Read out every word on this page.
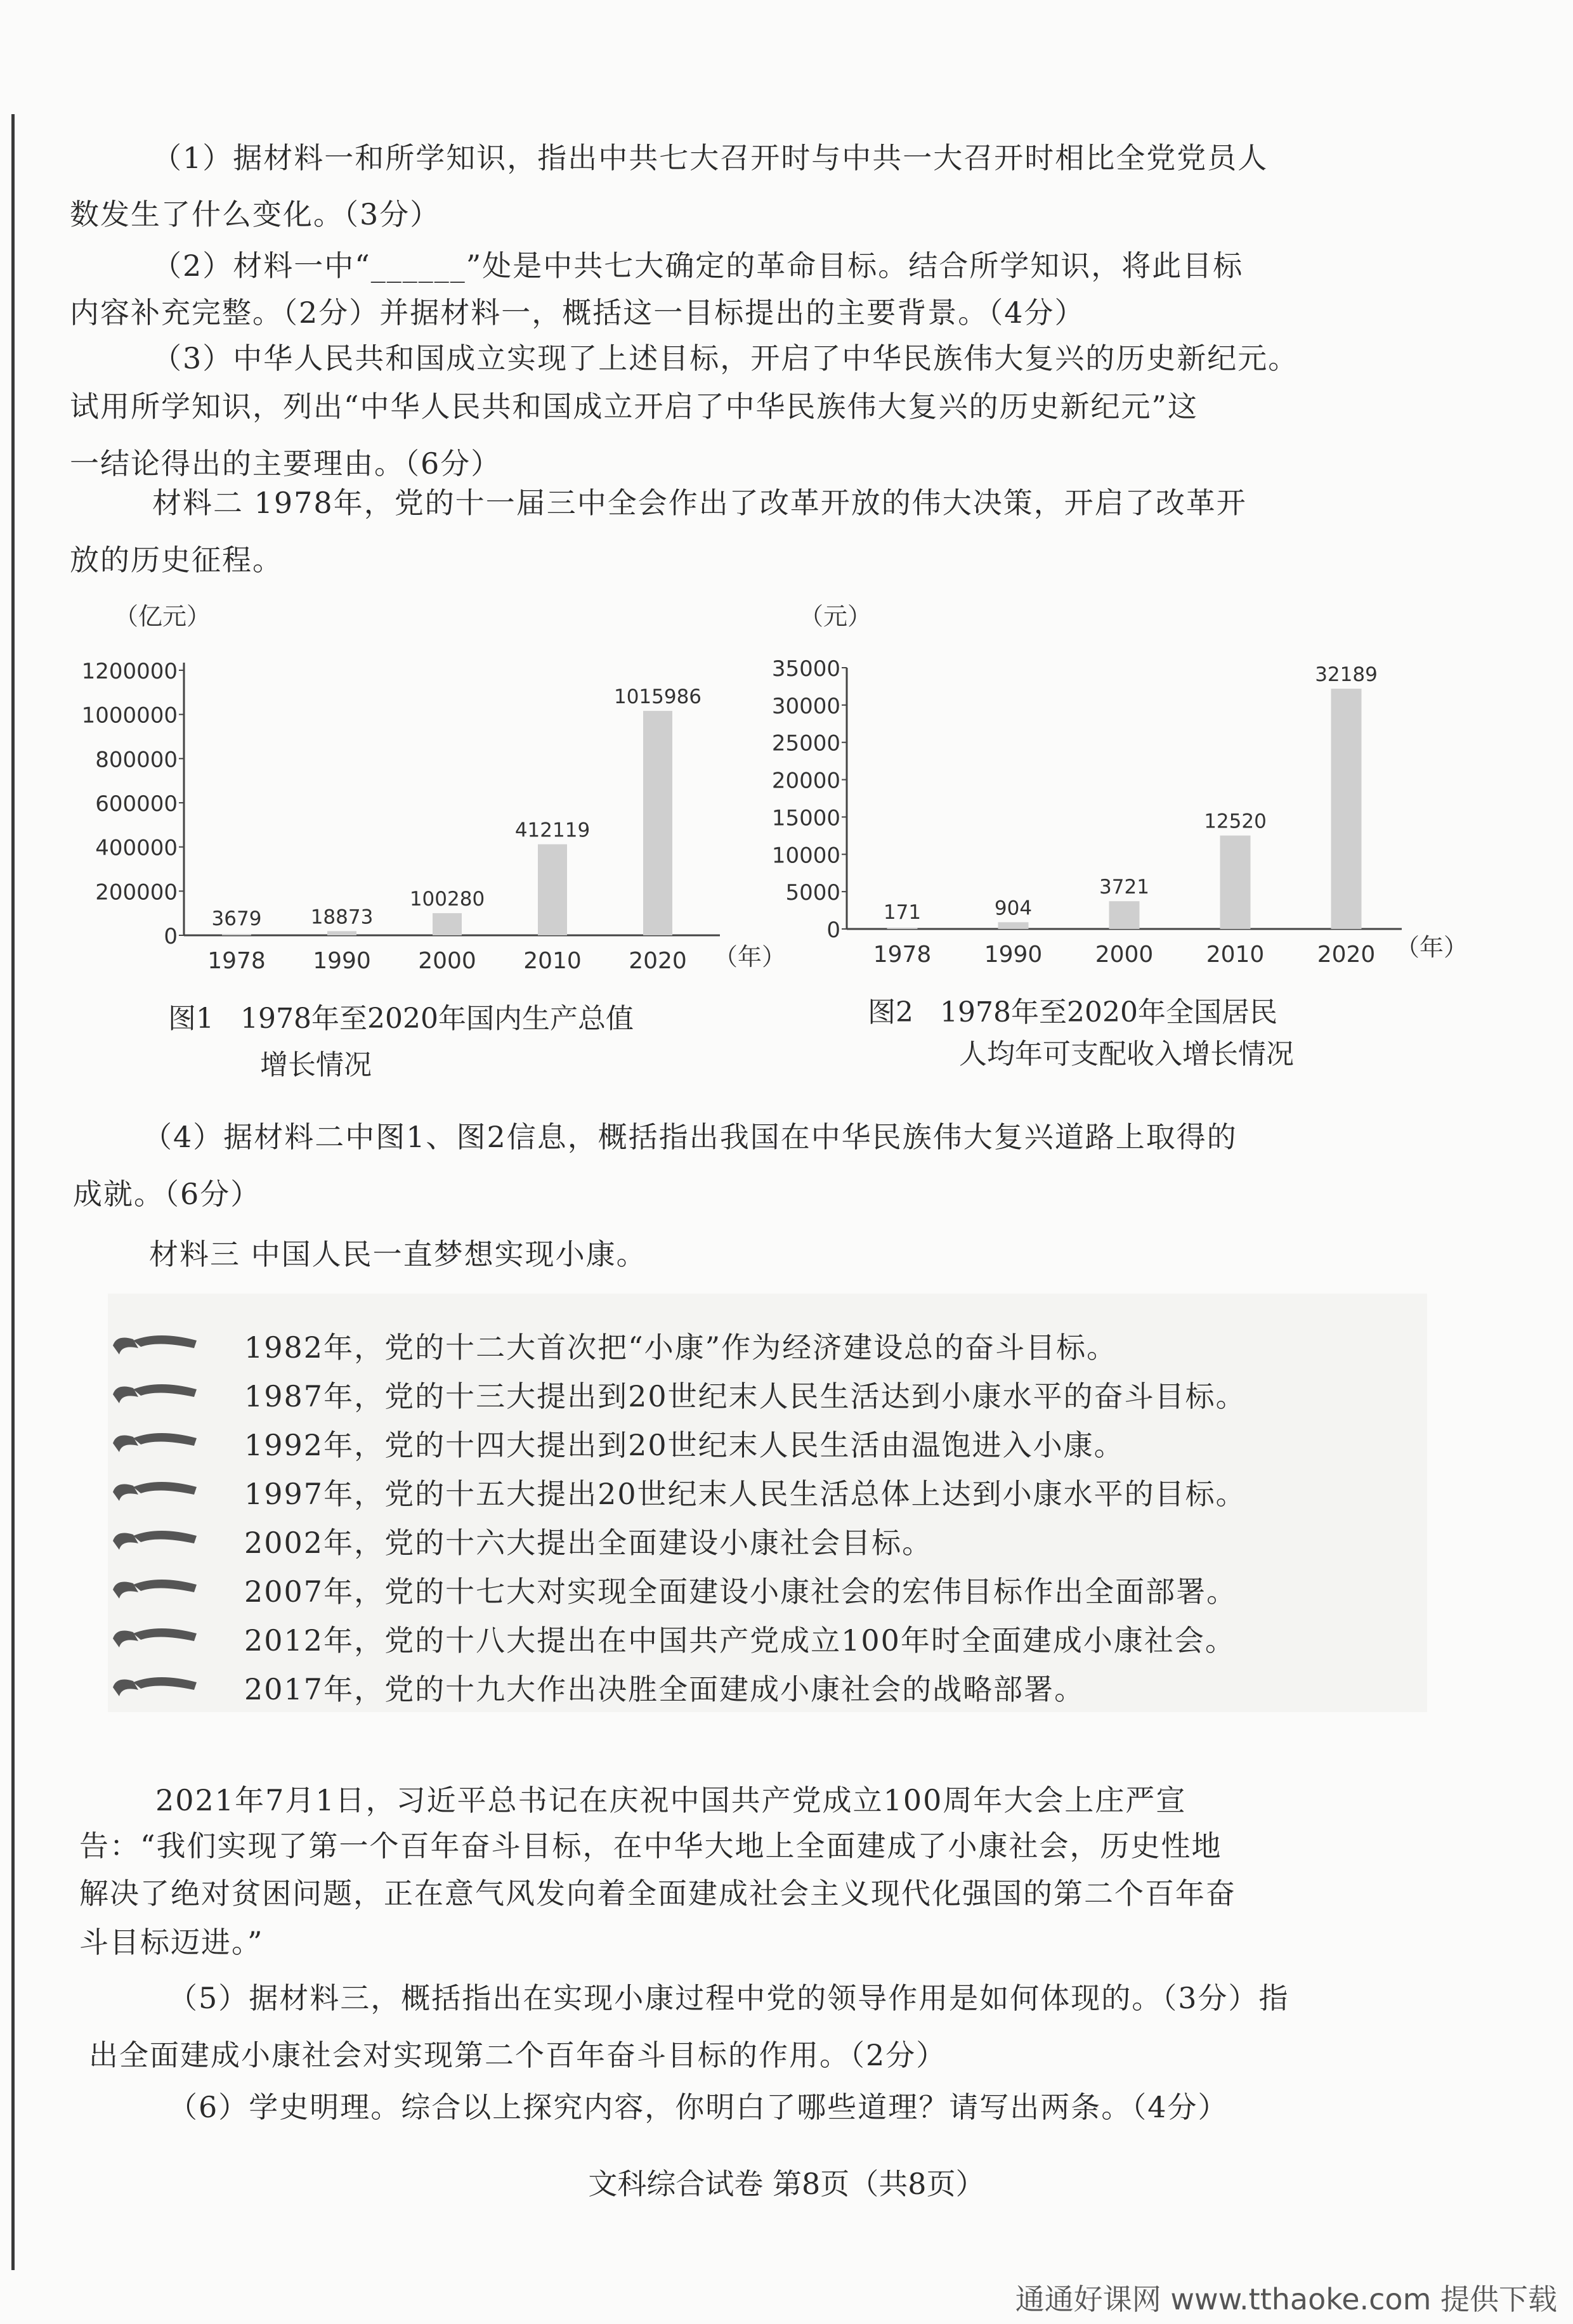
（1）据材料一和所学知识，指出中共七大召开时与中共一大召开时相比全党党员人
数发生了什么变化。（3分）
（2）材料一中“______”处是中共七大确定的革命目标。结合所学知识，将此目标
内容补充完整。（2分）并据材料一，概括这一目标提出的主要背景。（4分）
（3）中华人民共和国成立实现了上述目标，开启了中华民族伟大复兴的历史新纪元。
试用所学知识，列出“中华人民共和国成立开启了中华民族伟大复兴的历史新纪元”这
一结论得出的主要理由。（6分）
材料二 1978年，党的十一届三中全会作出了改革开放的伟大决策，开启了改革开
放的历史征程。
（亿元）
0
200000
400000
600000
800000
1000000
1200000
3679 18873
100280
412119
1015986
1978 1990 2000 2010 2020 （年）
（元）
0
5000
10000
15000
20000
25000
30000
35000
171	904
3721
12520
32189
1978 1990 2000 2010 2020 （年）
图1 1978年至2020年国内生产总值
增长情况
图2 1978年至2020年全国居民
人均年可支配收入增长情况
（4）据材料二中图1、图2信息，概括指出我国在中华民族伟大复兴道路上取得的
成就。（6分）
材料三 中国人民一直梦想实现小康。
1982年，党的十二大首次把“小康”作为经济建设总的奋斗目标。
1987年，党的十三大提出到20世纪末人民生活达到小康水平的奋斗目标。
1992年，党的十四大提出到20世纪末人民生活由温饱进入小康。
1997年，党的十五大提出20世纪末人民生活总体上达到小康水平的目标。
2002年，党的十六大提出全面建设小康社会目标。
2007年，党的十七大对实现全面建设小康社会的宏伟目标作出全面部署。
2012年，党的十八大提出在中国共产党成立100年时全面建成小康社会。
2017年，党的十九大作出决胜全面建成小康社会的战略部署。
2021年7月1日，习近平总书记在庆祝中国共产党成立100周年大会上庄严宣
告：“我们实现了第一个百年奋斗目标，在中华大地上全面建成了小康社会，历史性地
解决了绝对贫困问题，正在意气风发向着全面建成社会主义现代化强国的第二个百年奋
斗目标迈进。”
（5）据材料三，概括指出在实现小康过程中党的领导作用是如何体现的。（3分）指
出全面建成小康社会对实现第二个百年奋斗目标的作用。（2分）
（6）学史明理。综合以上探究内容，你明白了哪些道理？请写出两条。（4分）
文科综合试卷 第8页（共8页）
通通好课网 www.tthaoke.com 提供下载
